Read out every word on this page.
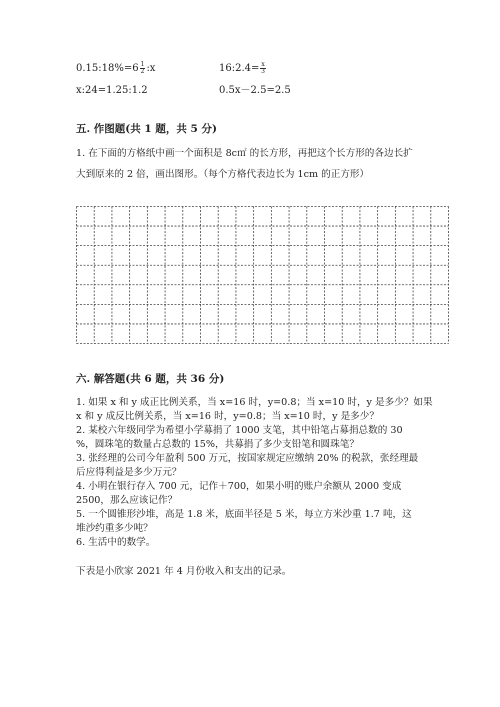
0.15:18%=6 $\frac{1}{2}$ :x	16:2.4= $\frac{x}{3}$
x:24=1.25:1.2	0.5x－2.5=2.5
五. 作图题(共 1 题，共 5 分)
1. 在下面的方格纸中画一个面积是 8c㎡ 的长方形，再把这个长方形的各边长扩
大到原来的 2 倍，画出图形。（每个方格代表边长为 1cm 的正方形）
六. 解答题(共 6 题，共 36 分)
1. 如果 x 和 y 成正比例关系，当 x=16 时，y=0.8；当 x=10 时，y 是多少？如果
x 和 y 成反比例关系，当 x=16 时，y=0.8；当 x=10 时，y 是多少？
2. 某校六年级同学为希望小学募捐了 1000 支笔，其中铅笔占募捐总数的 30
%，圆珠笔的数量占总数的 15%，共募捐了多少支铅笔和圆珠笔？
3. 张经理的公司今年盈利 500 万元，按国家规定应缴纳 20% 的税款，张经理最
后应得利益是多少万元？
4. 小明在银行存入 700 元，记作＋700，如果小明的账户余额从 2000 变成
2500，那么应该记作？
5. 一个圆锥形沙堆，高是 1.8 米，底面半径是 5 米，每立方米沙重 1.7 吨，这
堆沙约重多少吨？
6. 生活中的数学。
下表是小欣家 2021 年 4 月份收入和支出的记录。
